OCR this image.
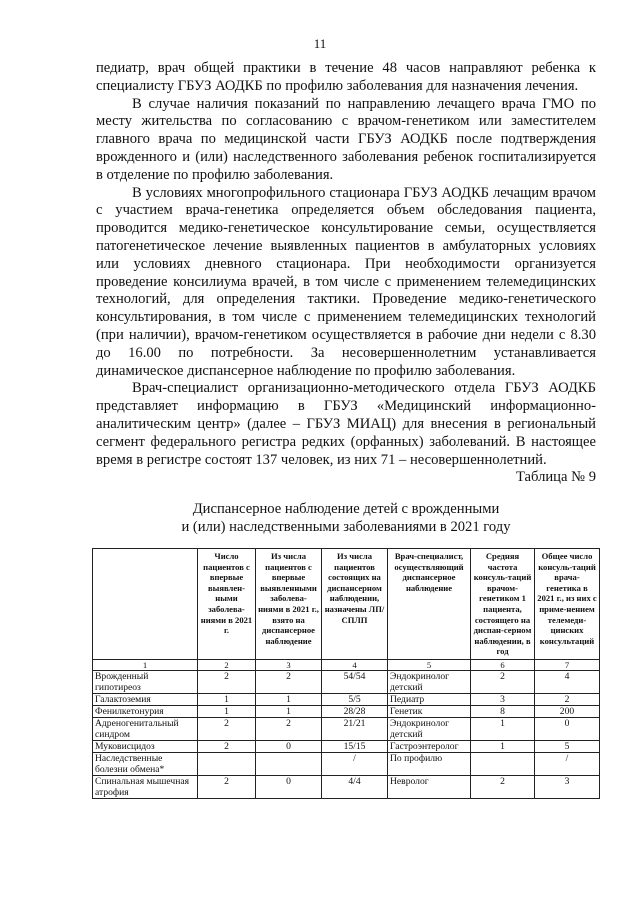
11

педиатр, врач общей практики в течение 48 часов направляют ребенка к специалисту ГБУЗ АОДКБ по профилю заболевания для назначения лечения.

В случае наличия показаний по направлению лечащего врача ГМО по месту жительства по согласованию с врачом-генетиком или заместителем главного врача по медицинской части ГБУЗ АОДКБ после подтверждения врожденного и (или) наследственного заболевания ребенок госпитализируется в отделение по профилю заболевания.

В условиях многопрофильного стационара ГБУЗ АОДКБ лечащим врачом с участием врача-генетика определяется объем обследования пациента, проводится медико-генетическое консультирование семьи, осуществляется патогенетическое лечение выявленных пациентов в амбулаторных условиях или условиях дневного стационара. При необходимости организуется проведение консилиума врачей, в том числе с применением телемедицинских технологий, для определения тактики. Проведение медико-генетического консультирования, в том числе с применением телемедицинских технологий (при наличии), врачом-генетиком осуществляется в рабочие дни недели с 8.30 до 16.00 по потребности. За несовершеннолетним устанавливается динамическое диспансерное наблюдение по профилю заболевания.

Врач-специалист организационно-методического отдела ГБУЗ АОДКБ представляет информацию в ГБУЗ «Медицинский информационно-аналитическим центр» (далее – ГБУЗ МИАЦ) для внесения в региональный сегмент федерального регистра редких (орфанных) заболеваний. В настоящее время в регистре состоят 137 человек, из них 71 – несовершеннолетний.

Таблица № 9
Диспансерное наблюдение детей с врожденными
и (или) наследственными заболеваниями в 2021 году
	Число пациентов с впервые выявлен-ными заболева-ниями в 2021 г.	Из числа пациентов с впервые выявленными заболева-ниями в 2021 г., взято на диспансерное наблюдение	Из числа пациентов состоящих на диспансерном наблюдении, назначены ЛП/СПЛП	Врач-специалист, осуществляющий диспансерное наблюдение	Средняя частота консуль-таций врачом-генетиком 1 пациента, состоящего на диспан-серном наблюдении, в год	Общее число консуль-таций врача-генетика в 2021 г., из них с приме-нением телемеди-цинских консультаций
1	2	3	4	5	6	7
Врожденный гипотиреоз	2	2	54/54	Эндокринолог детский	2	4
Галактоземия	1	1	5/5	Педиатр	3	2
Фенилкетонурия	1	1	28/28	Генетик	8	200
Адреногенитальный синдром	2	2	21/21	Эндокринолог детский	1	0
Муковисцидоз	2	0	15/15	Гастроэнтеролог	1	5
Наследственные болезни обмена*			/	По профилю		/
Спинальная мышечная атрофия	2	0	4/4	Невролог	2	3
